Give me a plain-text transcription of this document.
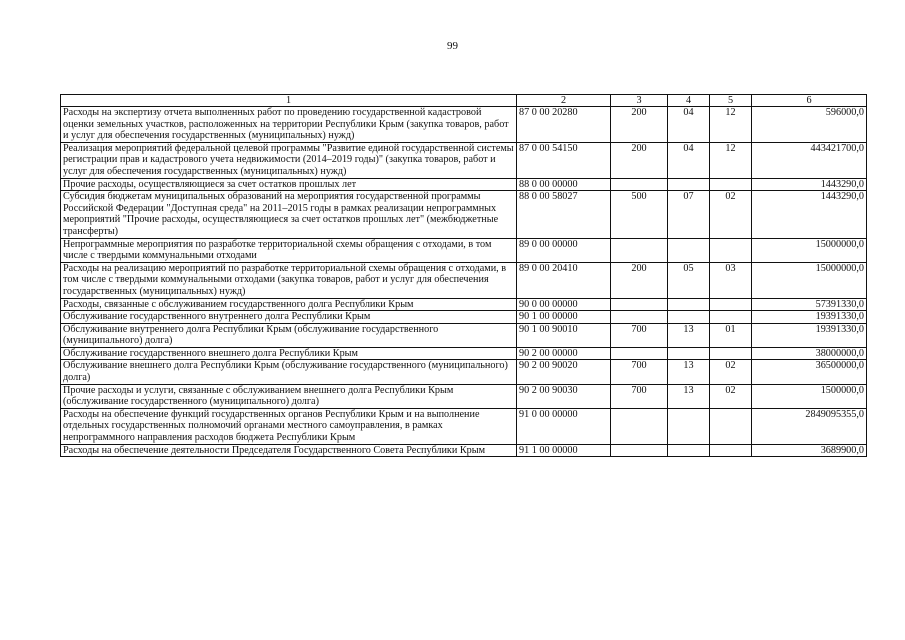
99
1	2	3	4	5	6
Расходы на экспертизу отчета выполненных работ по проведению государственной кадастровой оценки земельных участков, расположенных на территории Республики Крым (закупка товаров, работ и услуг для обеспечения государственных (муниципальных) нужд)	87 0 00 20280	200	04	12	596000,0
Реализация мероприятий федеральной целевой программы "Развитие единой государственной системы регистрации прав и кадастрового учета недвижимости (2014–2019 годы)" (закупка товаров, работ и услуг для обеспечения государственных (муниципальных) нужд)	87 0 00 54150	200	04	12	443421700,0
Прочие расходы, осуществляющиеся за счет остатков прошлых лет	88 0 00 00000				1443290,0
Субсидия бюджетам муниципальных образований на мероприятия государственной программы Российской Федерации "Доступная среда" на 2011–2015 годы в рамках реализации непрограммных мероприятий "Прочие расходы, осуществляющиеся за счет остатков прошлых лет" (межбюджетные трансферты)	88 0 00 58027	500	07	02	1443290,0
Непрограммные мероприятия по разработке территориальной схемы обращения с отходами, в том числе с твердыми коммунальными отходами	89 0 00 00000				15000000,0
Расходы на реализацию мероприятий по разработке территориальной схемы обращения с отходами, в том числе с твердыми коммунальными отходами (закупка товаров, работ и услуг для обеспечения государственных (муниципальных) нужд)	89 0 00 20410	200	05	03	15000000,0
Расходы, связанные с обслуживанием государственного долга Республики Крым	90 0 00 00000				57391330,0
Обслуживание государственного внутреннего долга Республики Крым	90 1 00 00000				19391330,0
Обслуживание внутреннего долга Республики Крым (обслуживание государственного (муниципального) долга)	90 1 00 90010	700	13	01	19391330,0
Обслуживание государственного внешнего долга Республики Крым	90 2 00 00000				38000000,0
Обслуживание внешнего долга Республики Крым (обслуживание государственного (муниципального) долга)	90 2 00 90020	700	13	02	36500000,0
Прочие расходы и услуги, связанные с обслуживанием внешнего долга Республики Крым (обслуживание государственного (муниципального) долга)	90 2 00 90030	700	13	02	1500000,0
Расходы на обеспечение функций государственных органов Республики Крым и на выполнение отдельных государственных полномочий органами местного самоуправления, в рамках непрограммного направления расходов бюджета Республики Крым	91 0 00 00000				2849095355,0
Расходы на обеспечение деятельности Председателя Государственного Совета Республики Крым	91 1 00 00000				3689900,0
